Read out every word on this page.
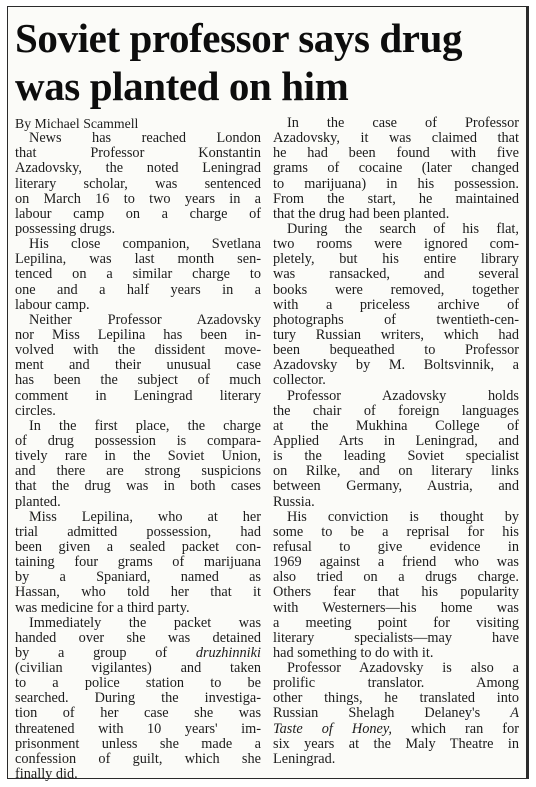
Soviet professor says drug
was planted on him
By Michael Scammell
News has reached London
that Professor Konstantin
Azadovsky, the noted Leningrad
literary scholar, was sentenced
on March 16 to two years in a
labour camp on a charge of
possessing drugs.
His close companion, Svetlana
Lepilina, was last month sen-
tenced on a similar charge to
one and a half years in a
labour camp.
Neither Professor Azadovsky
nor Miss Lepilina has been in-
volved with the dissident move-
ment and their unusual case
has been the subject of much
comment in Leningrad literary
circles.
In the first place, the charge
of drug possession is compara-
tively rare in the Soviet Union,
and there are strong suspicions
that the drug was in both cases
planted.
Miss Lepilina, who at her
trial admitted possession, had
been given a sealed packet con-
taining four grams of marijuana
by a Spaniard, named as
Hassan, who told her that it
was medicine for a third party.
Immediately the packet was
handed over she was detained
by a group of druzhinniki
(civilian vigilantes) and taken
to a police station to be
searched. During the investiga-
tion of her case she was
threatened with 10 years' im-
prisonment unless she made a
confession of guilt, which she
finally did.
In the case of Professor
Azadovsky, it was claimed that
he had been found with five
grams of cocaine (later changed
to marijuana) in his possession.
From the start, he maintained
that the drug had been planted.
During the search of his flat,
two rooms were ignored com-
pletely, but his entire library
was ransacked, and several
books were removed, together
with a priceless archive of
photographs of twentieth-cen-
tury Russian writers, which had
been bequeathed to Professor
Azadovsky by M. Boltsvinnik, a
collector.
Professor Azadovsky holds
the chair of foreign languages
at the Mukhina College of
Applied Arts in Leningrad, and
is the leading Soviet specialist
on Rilke, and on literary links
between Germany, Austria, and
Russia.
His conviction is thought by
some to be a reprisal for his
refusal to give evidence in
1969 against a friend who was
also tried on a drugs charge.
Others fear that his popularity
with Westerners—his home was
a meeting point for visiting
literary specialists—may have
had something to do with it.
Professor Azadovsky is also a
prolific translator. Among
other things, he translated into
Russian Shelagh Delaney's A
Taste of Honey, which ran for
six years at the Maly Theatre in
Leningrad.
